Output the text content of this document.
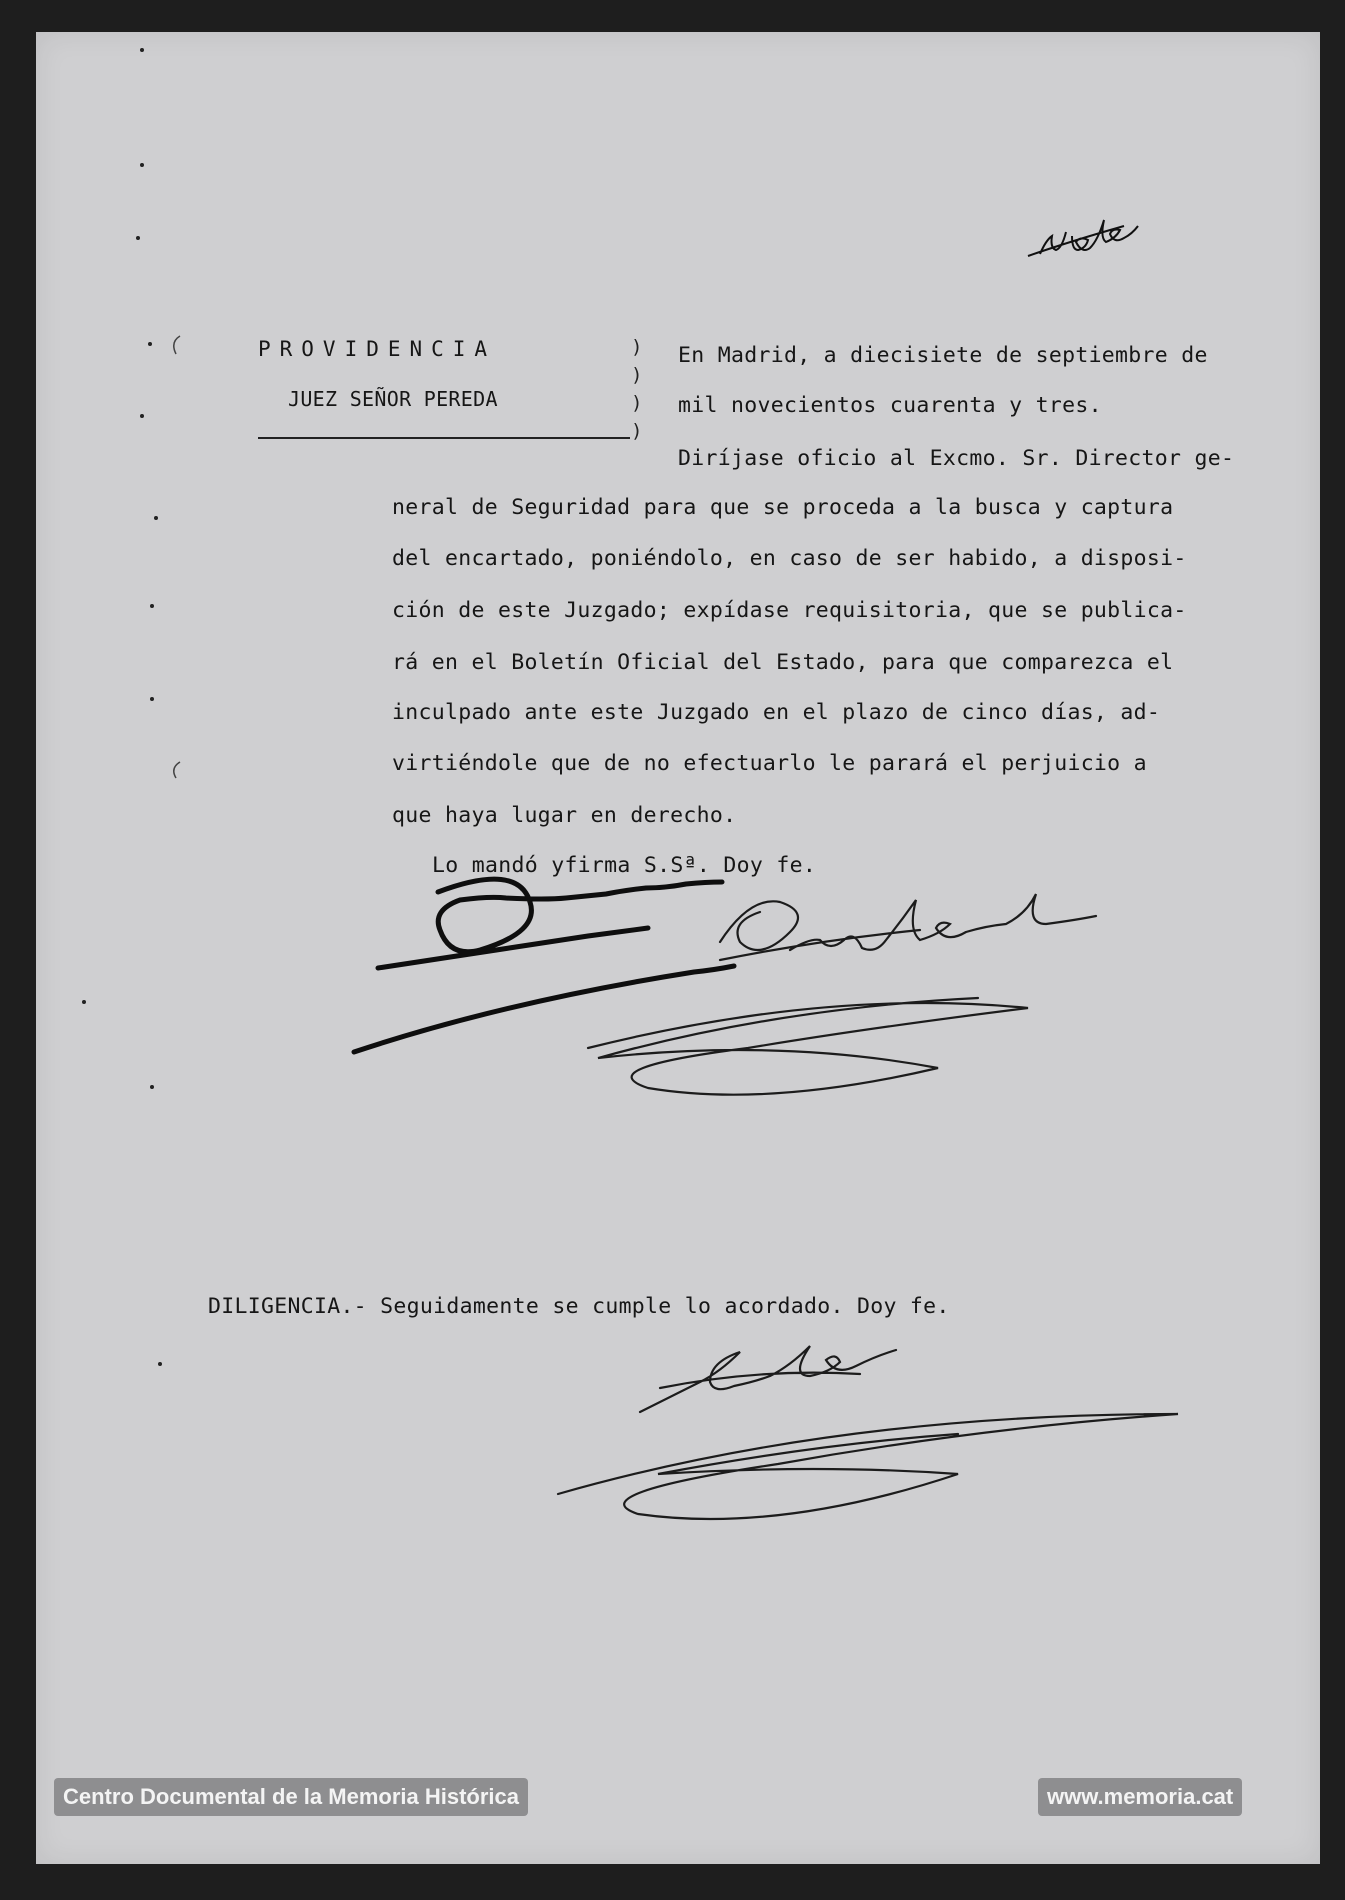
PROVIDENCIA
JUEZ SEÑOR PEREDA
)
)
)
)
En Madrid, a diecisiete de septiembre de
mil novecientos cuarenta y tres.
Diríjase oficio al Excmo. Sr. Director ge-
neral de Seguridad para que se proceda a la busca y captura
del encartado, poniéndolo, en caso de ser habido, a disposi-
ción de este Juzgado; expídase requisitoria, que se publica-
rá en el Boletín Oficial del Estado, para que comparezca el
inculpado ante este Juzgado en el plazo de cinco días, ad-
virtiéndole que de no efectuarlo le parará el perjuicio a
que haya lugar en derecho.
Lo mandó yfirma S.Sª. Doy fe.
DILIGENCIA.- Seguidamente se cumple lo acordado. Doy fe.
Centro Documental de la Memoria Histórica	www.memoria.cat
